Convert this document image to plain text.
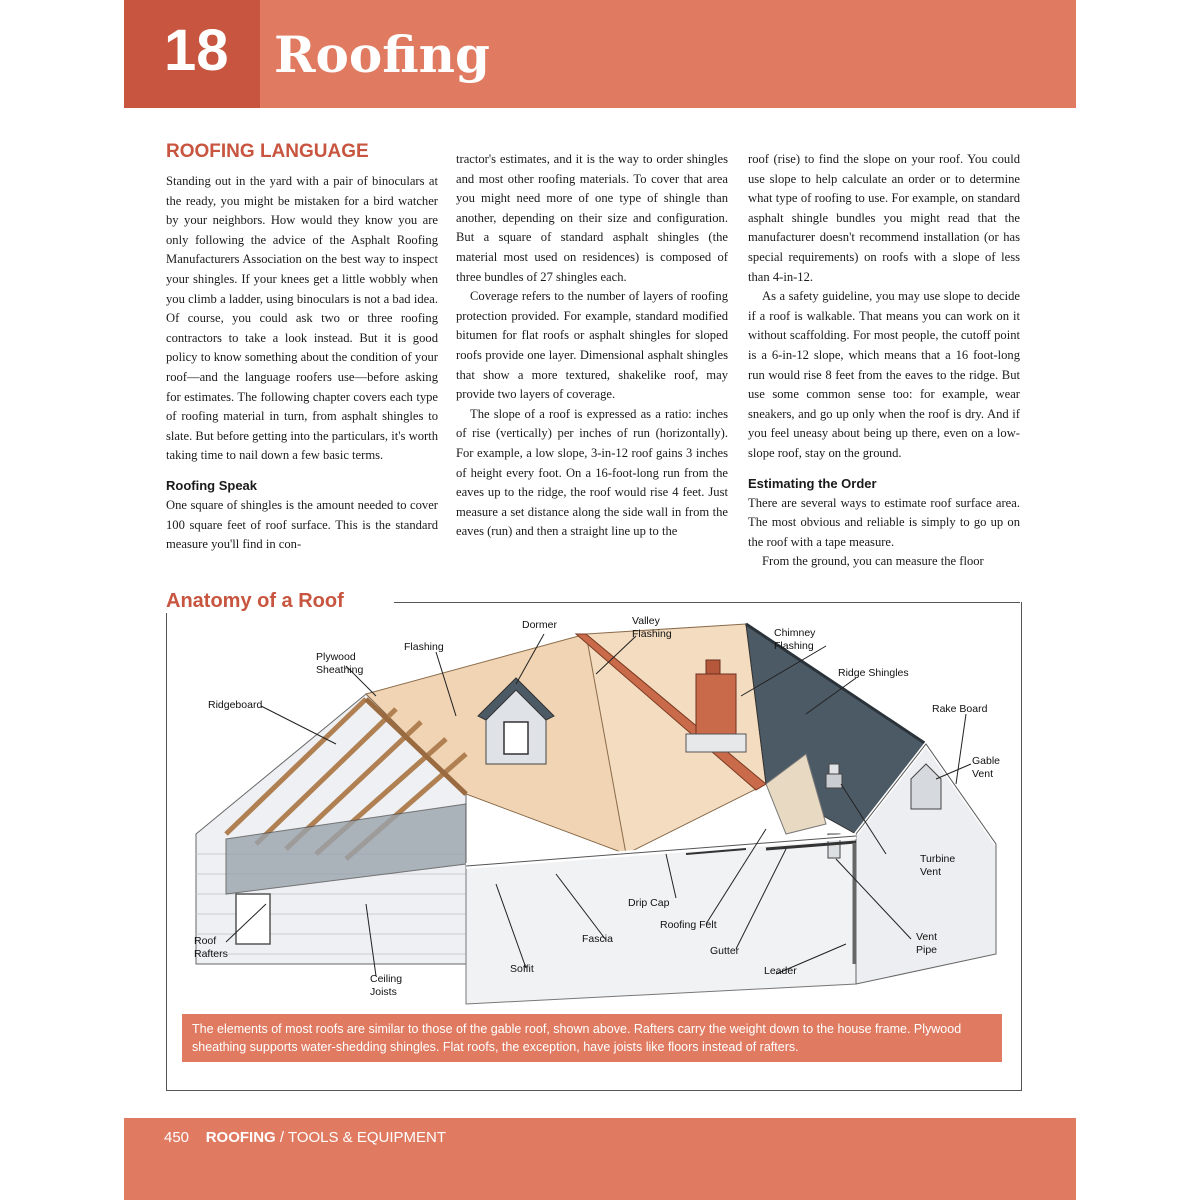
18 Roofing
ROOFING LANGUAGE

Standing out in the yard with a pair of binoculars at the ready, you might be mistaken for a bird watcher by your neighbors. How would they know you are only following the advice of the Asphalt Roofing Manufacturers Association on the best way to inspect your shingles. If your knees get a little wobbly when you climb a ladder, using binoculars is not a bad idea. Of course, you could ask two or three roofing contractors to take a look instead. But it is good policy to know something about the condition of your roof—and the language roofers use—before asking for estimates. The following chapter covers each type of roofing material in turn, from asphalt shingles to slate. But before getting into the particulars, it's worth taking time to nail down a few basic terms.

Roofing Speak

One square of shingles is the amount needed to cover 100 square feet of roof surface. This is the standard measure you'll find in con-

tractor's estimates, and it is the way to order shingles and most other roofing materials. To cover that area you might need more of one type of shingle than another, depending on their size and configuration. But a square of standard asphalt shingles (the material most used on residences) is composed of three bundles of 27 shingles each.

Coverage refers to the number of layers of roofing protection provided. For example, standard modified bitumen for flat roofs or asphalt shingles for sloped roofs provide one layer. Dimensional asphalt shingles that show a more textured, shakelike roof, may provide two layers of coverage.

The slope of a roof is expressed as a ratio: inches of rise (vertically) per inches of run (horizontally). For example, a low slope, 3-in-12 roof gains 3 inches of height every foot. On a 16-foot-long run from the eaves up to the ridge, the roof would rise 4 feet. Just measure a set distance along the side wall in from the eaves (run) and then a straight line up to the

roof (rise) to find the slope on your roof. You could use slope to help calculate an order or to determine what type of roofing to use. For example, on standard asphalt shingle bundles you might read that the manufacturer doesn't recommend installation (or has special requirements) on roofs with a slope of less than 4-in-12.

As a safety guideline, you may use slope to decide if a roof is walkable. That means you can work on it without scaffolding. For most people, the cutoff point is a 6-in-12 slope, which means that a 16 foot-long run would rise 8 feet from the eaves to the ridge. But use some common sense too: for example, wear sneakers, and go up only when the roof is dry. And if you feel uneasy about being up there, even on a low-slope roof, stay on the ground.

Estimating the Order

There are several ways to estimate roof surface area. The most obvious and reliable is simply to go up on the roof with a tape measure.

From the ground, you can measure the floor

Anatomy of a Roof
Dormer	Valley
Flashing	Chimney
Flashing
Plywood
Sheathing
Flashing
Ridge Shingles
Ridgeboard	Rake Board
Gable
Vent
Turbine
Vent
Drip Cap
Roofing Felt
Fascia
Gutter
Vent
Pipe
Roof
Rafters
Soffit	Leader
Ceiling
Joists
The elements of most roofs are similar to those of the gable roof, shown above. Rafters carry the weight down to the house frame. Plywood sheathing supports water-shedding shingles. Flat roofs, the exception, have joists like floors instead of rafters.
450 ROOFING / TOOLS & EQUIPMENT
